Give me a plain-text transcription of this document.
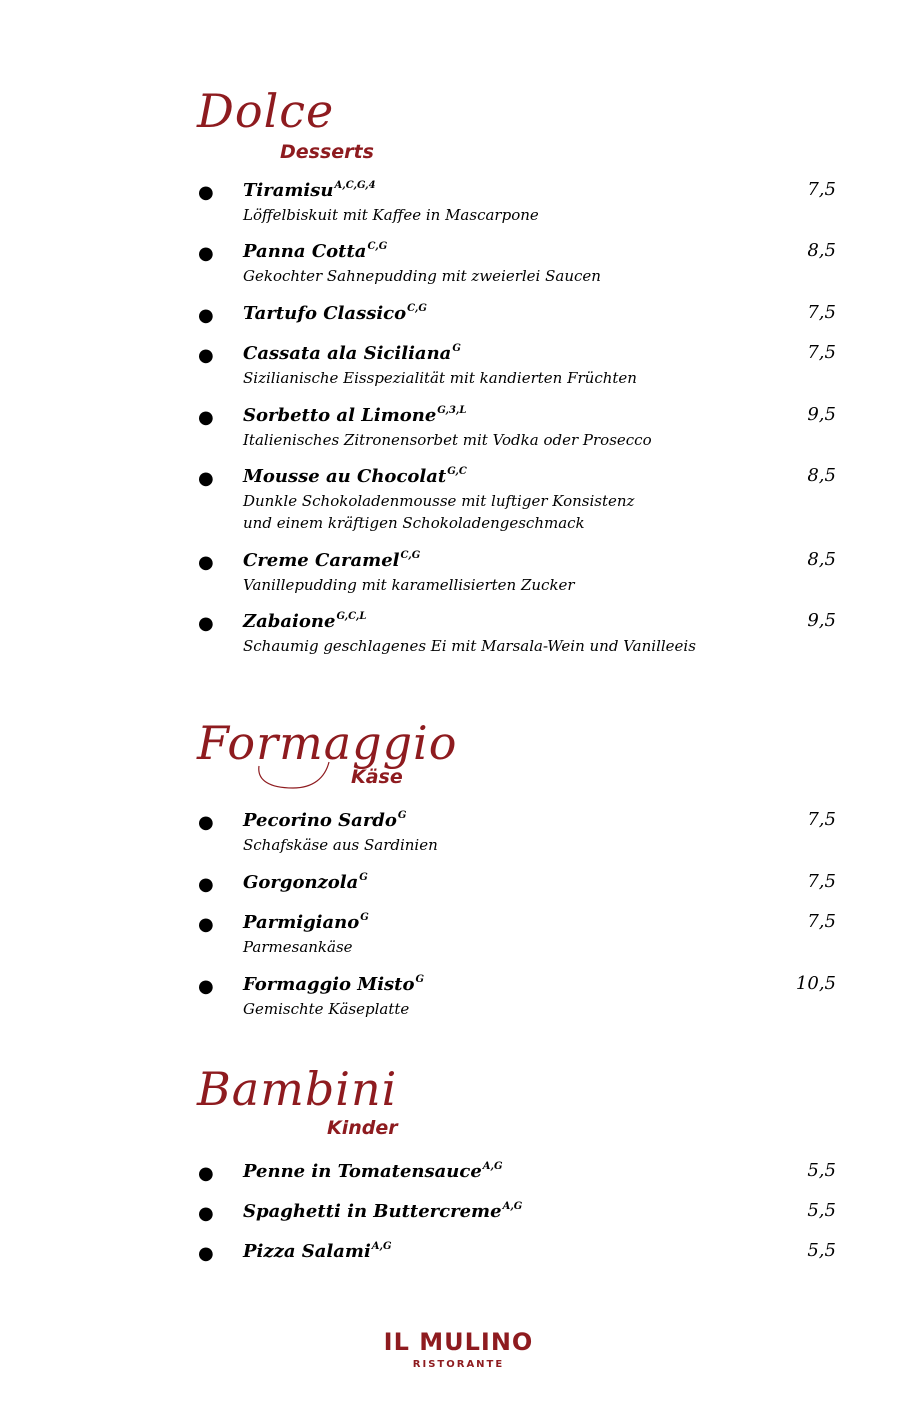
Dolce
Desserts
● Tiramisu$^{A,C,G,4}$	7,5
Löffelbiskuit mit Kaffee in Mascarpone
● Panna Cotta$^{C,G}$	8,5
Gekochter Sahnepudding mit zweierlei Saucen
● Tartufo Classico$^{C,G}$	7,5
● Cassata ala Siciliana$^G$	7,5
Sizilianische Eisspezialität mit kandierten Früchten
● Sorbetto al Limone$^{G,3,L}$	9,5
Italienisches Zitronensorbet mit Vodka oder Prosecco
● Mousse au Chocolat$^{G,C}$	8,5
Dunkle Schokoladenmousse mit luftiger Konsistenz
und einem kräftigen Schokoladengeschmack
● Creme Caramel$^{C,G}$	8,5
Vanillepudding mit karamellisierten Zucker
● Zabaione$^{G,C,L}$	9,5
Schaumig geschlagenes Ei mit Marsala-Wein und Vanilleeis
Formaggio
Käse
● Pecorino Sardo$^G$	7,5
Schafskäse aus Sardinien
● Gorgonzola$^G$	7,5
● Parmigiano$^G$	7,5
Parmesankäse
● Formaggio Misto$^G$	10,5
Gemischte Käseplatte
Bambini
Kinder
● Penne in Tomatensauce$^{A,G}$	5,5
● Spaghetti in Buttercreme$^{A,G}$	5,5
● Pizza Salami$^{A,G}$	5,5
IL MULINO
RISTORANTE
